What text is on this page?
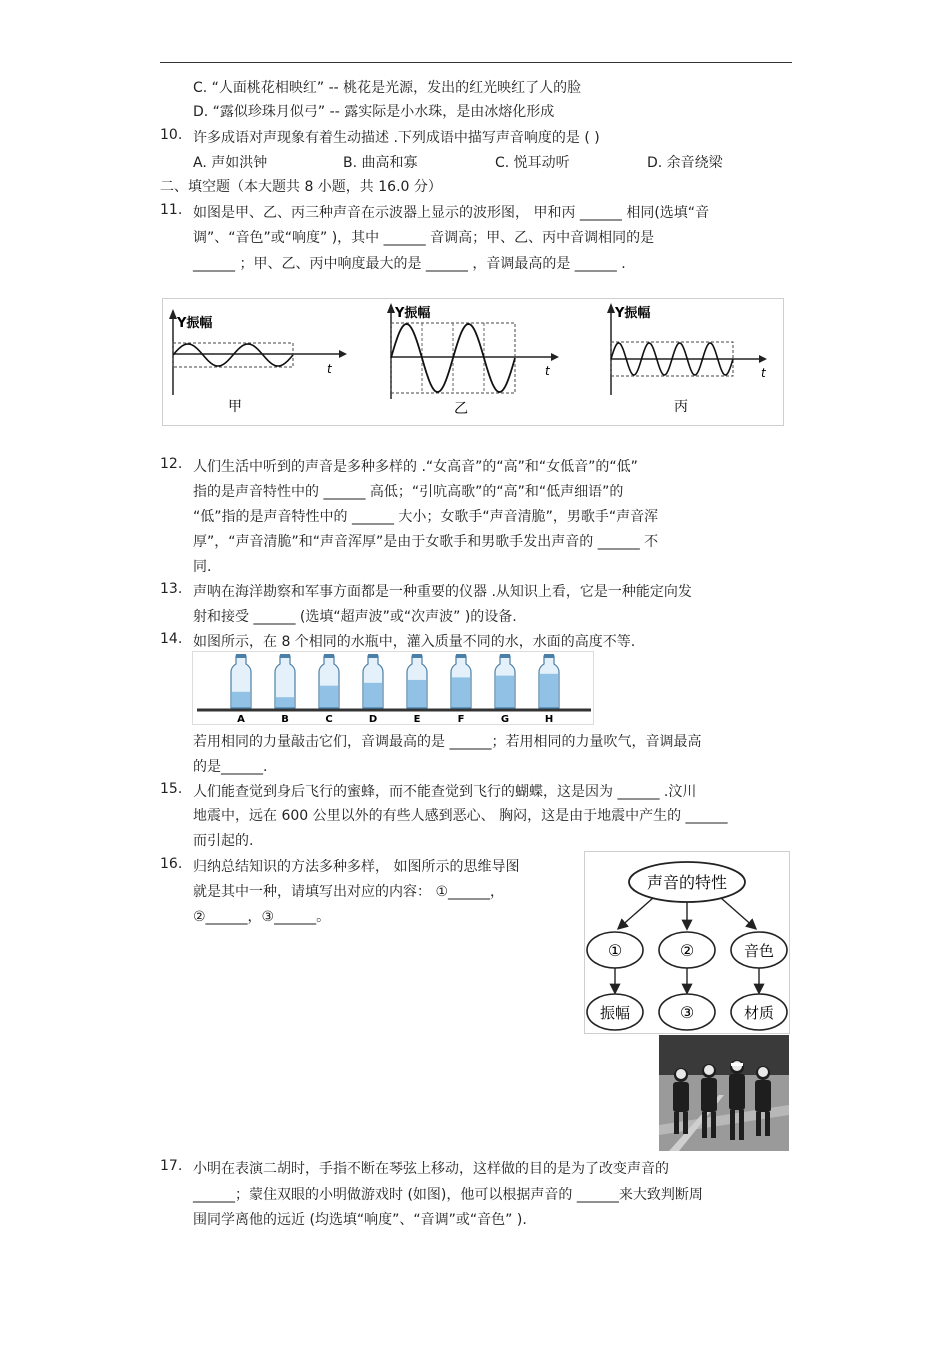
C. “人面桃花相映红” -- 桃花是光源，发出的红光映红了人的脸
D. “露似珍珠月似弓” -- 露实际是小水珠，是由冰熔化形成
10. 许多成语对声现象有着生动描述 .下列成语中描写声音响度的是 ( )
A. 声如洪钟	B. 曲高和寡	C. 悦耳动听	D. 余音绕梁
二、填空题（本大题共 8 小题，共 16.0 分）
11. 如图是甲、乙、丙三种声音在示波器上显示的波形图， 甲和丙 ______ 相同(选填“音
调”、“音色”或“响度” )，其中 ______ 音调高；甲、乙、丙中音调相同的是
______ ；甲、乙、丙中响度最大的是 ______ ，音调最高的是 ______ .
Y振幅
t
甲
Y振幅
t
乙
Y振幅
t
丙
12. 人们生活中听到的声音是多种多样的 .“女高音”的“高”和“女低音”的“低”
指的是声音特性中的 ______ 高低；“引吭高歌”的“高”和“低声细语”的
“低”指的是声音特性中的 ______ 大小；女歌手“声音清脆”，男歌手“声音浑
厚”，“声音清脆”和“声音浑厚”是由于女歌手和男歌手发出声音的 ______ 不
同.
13. 声呐在海洋勘察和军事方面都是一种重要的仪器 .从知识上看，它是一种能定向发
射和接受 ______ (选填“超声波”或“次声波” )的设备.
14. 如图所示，在 8 个相同的水瓶中，灌入质量不同的水，水面的高度不等.
A	B	C	D	E	F	G	H
若用相同的力量敲击它们，音调最高的是 ______；若用相同的力量吹气，音调最高
的是______.
15. 人们能查觉到身后飞行的蜜蜂，而不能查觉到飞行的蝴蝶，这是因为 ______ .汶川
地震中，远在 600 公里以外的有些人感到恶心、 胸闷，这是由于地震中产生的 ______
而引起的.
16. 归纳总结知识的方法多种多样， 如图所示的思维导图
就是其中一种，请填写出对应的内容： ①______，
②______，③______。
声音的特性
①	②	音色
振幅	③	材质
17. 小明在表演二胡时，手指不断在琴弦上移动，这样做的目的是为了改变声音的
______；蒙住双眼的小明做游戏时 (如图)，他可以根据声音的 ______来大致判断周
围同学离他的远近 (均选填“响度”、“音调”或“音色” ).
